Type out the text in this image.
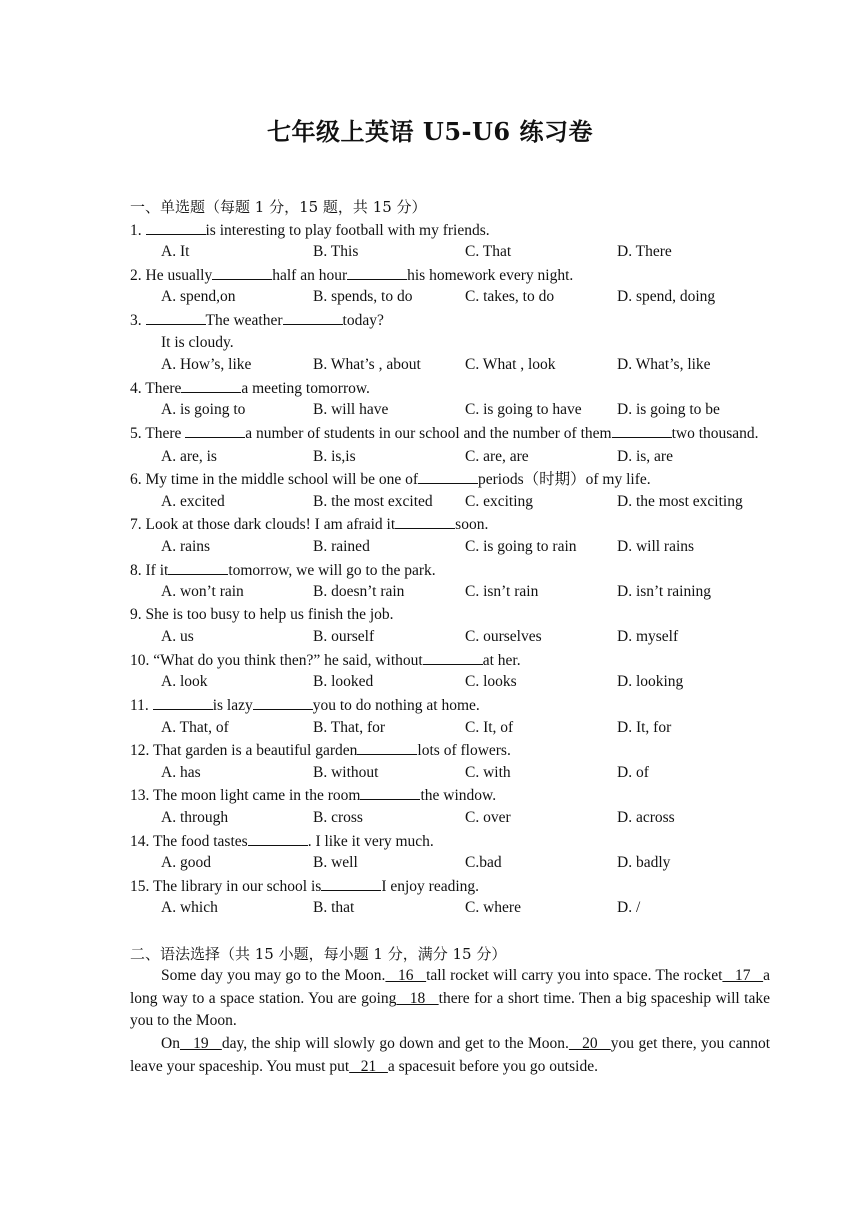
七年级上英语 U5-U6 练习卷
一、单选题（每题 1 分，15 题，共 15 分）
1.	is interesting to play football with my friends.
A. It	B. This	C. That	D. There
2. He usually	half an hour	his homework every night.
A. spend,on	B. spends, to do	C. takes, to do	D. spend, doing
3.	The weather	today?
It is cloudy.
A. How’s, like	B. What’s , about	C. What , look	D. What’s, like
4. There	a meeting tomorrow.
A. is going to	B. will have	C. is going to have	D. is going to be
5. There	a number of students in our school and the number of them	two thousand.
A. are, is	B. is,is	C. are, are	D. is, are
6. My time in the middle school will be one of	periods（时期）of my life.
A. excited	B. the most excited	C. exciting	D. the most exciting
7. Look at those dark clouds! I am afraid it	soon.
A. rains	B. rained	C. is going to rain	D. will rains
8. If it	tomorrow, we will go to the park.
A. won’t rain	B. doesn’t rain	C. isn’t rain	D. isn’t raining
9. She is too busy to help us finish the job.
A. us	B. ourself	C. ourselves	D. myself
10. “What do you think then?” he said, without	at her.
A. look	B. looked	C. looks	D. looking
11.	is lazy	you to do nothing at home.
A. That, of	B. That, for	C. It, of	D. It, for
12. That garden is a beautiful garden	lots of flowers.
A. has	B. without	C. with	D. of
13. The moon light came in the room	the window.
A. through	B. cross	C. over	D. across
14. The food tastes	. I like it very much.
A. good	B. well	C.bad	D. badly
15. The library in our school is	I enjoy reading.
A. which	B. that	C. where	D. /
二、语法选择（共 15 小题，每小题 1 分，满分 15 分）
Some day you may go to the Moon.   16   tall rocket will carry you into space. The rocket   17   a long way to a space station. You are going   18   there for a short time. Then a big spaceship will take you to the Moon.
On   19   day, the ship will slowly go down and get to the Moon.   20   you get there, you cannot leave your spaceship. You must put   21   a spacesuit before you go outside.
